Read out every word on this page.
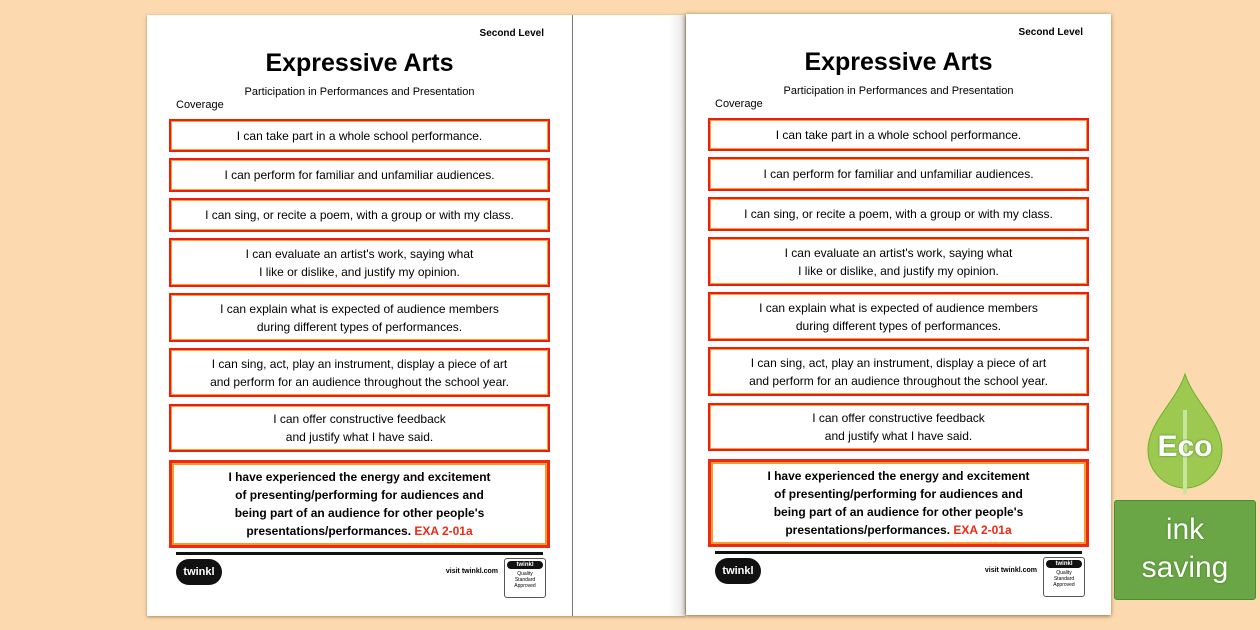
Second Level
Expressive Arts
Participation in Performances and Presentation
Coverage
I can take part in a whole school performance.
I can perform for familiar and unfamiliar audiences.
I can sing, or recite a poem, with a group or with my class.
I can evaluate an artist's work, saying what
I like or dislike, and justify my opinion.
I can explain what is expected of audience members
during different types of performances.
I can sing, act, play an instrument, display a piece of art
and perform for an audience throughout the school year.
I can offer constructive feedback
and justify what I have said.
I have experienced the energy and excitement
of presenting/performing for audiences and
being part of an audience for other people's
presentations/performances. EXA 2-01a
twinkl	visit twinkl.com
twinkl
Quality Standard Approved
Second Level
Expressive Arts
Participation in Performances and Presentation
Coverage
I can take part in a whole school performance.
I can perform for familiar and unfamiliar audiences.
I can sing, or recite a poem, with a group or with my class.
I can evaluate an artist's work, saying what
I like or dislike, and justify my opinion.
I can explain what is expected of audience members
during different types of performances.
I can sing, act, play an instrument, display a piece of art
and perform for an audience throughout the school year.
I can offer constructive feedback
and justify what I have said.
I have experienced the energy and excitement
of presenting/performing for audiences and
being part of an audience for other people's
presentations/performances. EXA 2-01a
twinkl	visit twinkl.com
twinkl
Quality Standard Approved
Eco
ink saving
